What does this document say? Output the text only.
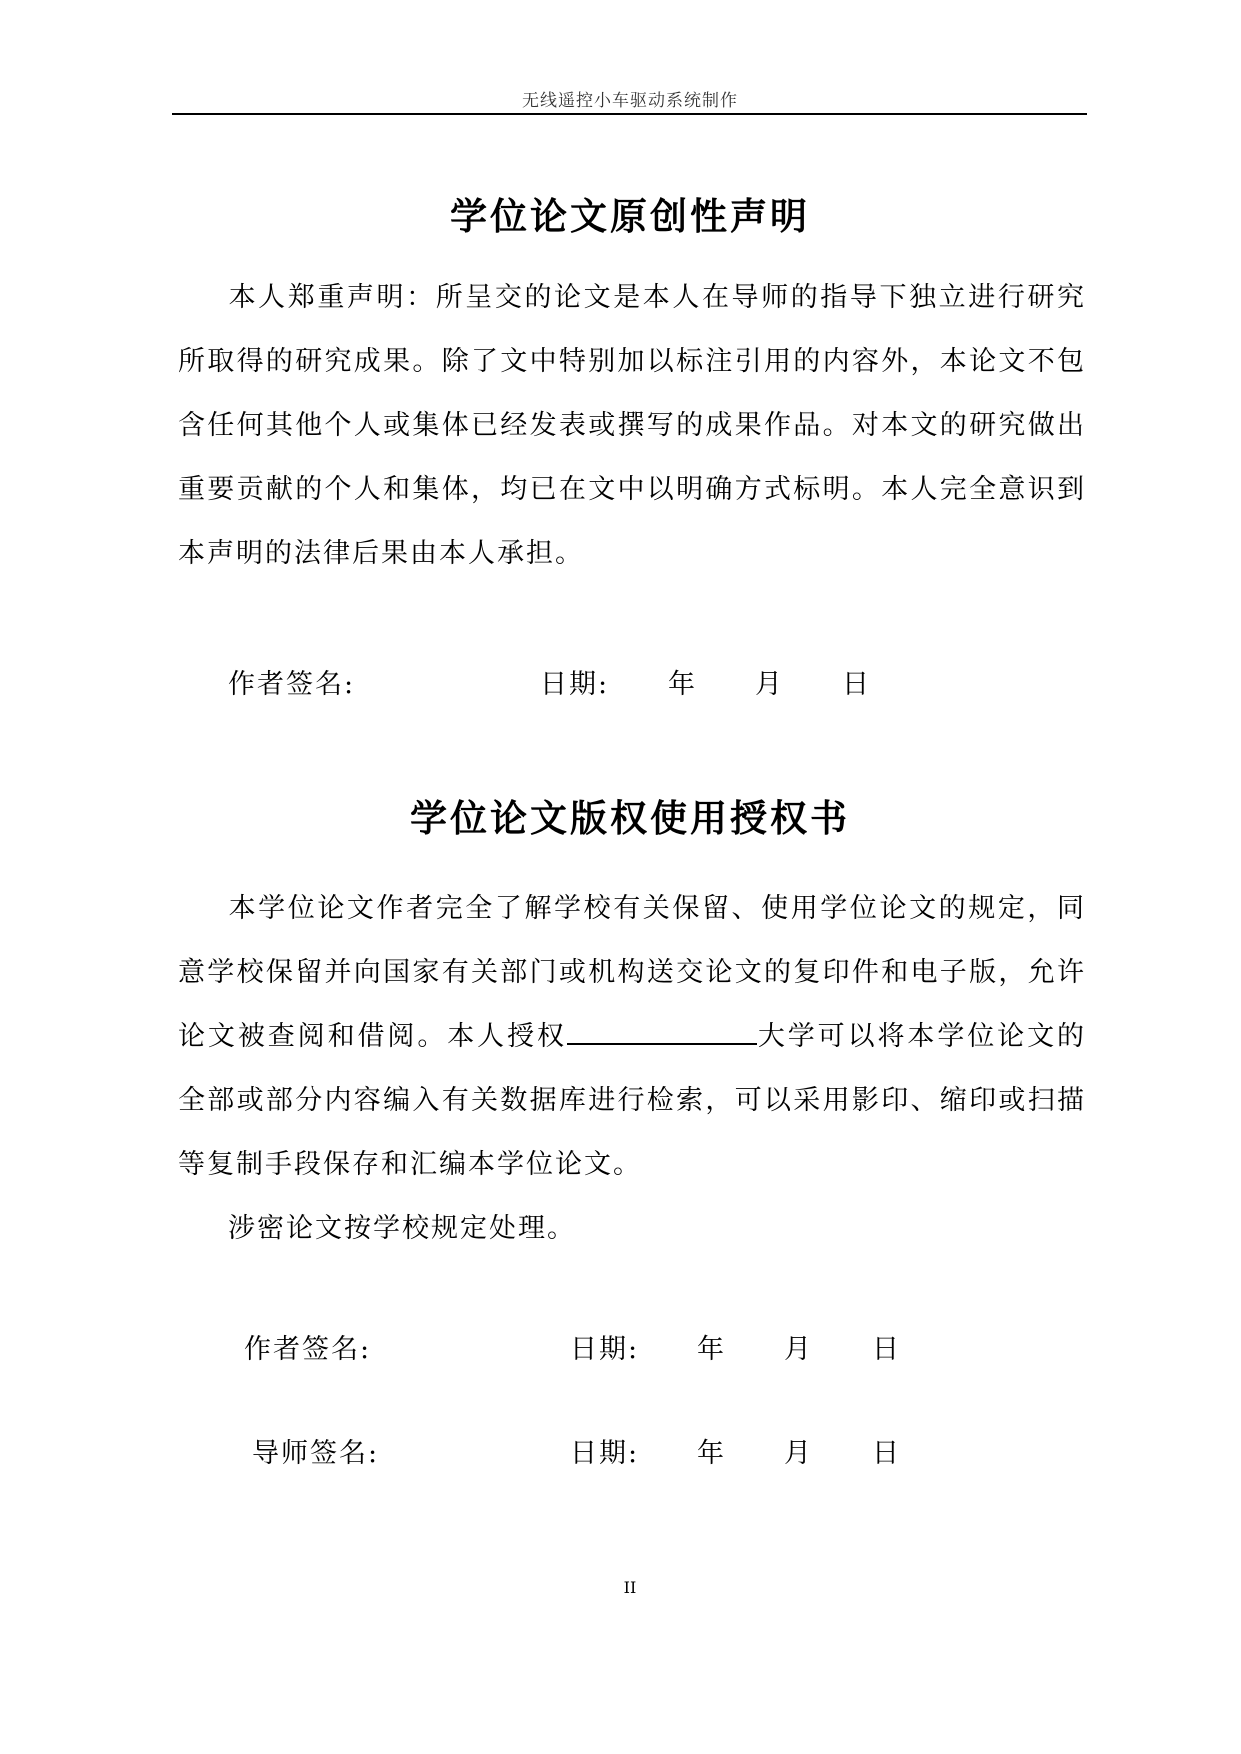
无线遥控小车驱动系统制作
学位论文原创性声明

本人郑重声明：所呈交的论文是本人在导师的指导下独立进行研究所取得的研究成果。除了文中特别加以标注引用的内容外，本论文不包含任何其他个人或集体已经发表或撰写的成果作品。对本文的研究做出重要贡献的个人和集体，均已在文中以明确方式标明。本人完全意识到本声明的法律后果由本人承担。

作者签名:	日期: 年 月 日
学位论文版权使用授权书

本学位论文作者完全了解学校有关保留、使用学位论文的规定，同意学校保留并向国家有关部门或机构送交论文的复印件和电子版，允许论文被查阅和借阅。本人授权	大学可以将本学位论文的全部或部分内容编入有关数据库进行检索，可以采用影印、缩印或扫描等复制手段保存和汇编本学位论文。

涉密论文按学校规定处理。

作者签名:	日期: 年 月 日
导师签名:	日期: 年 月 日
II
